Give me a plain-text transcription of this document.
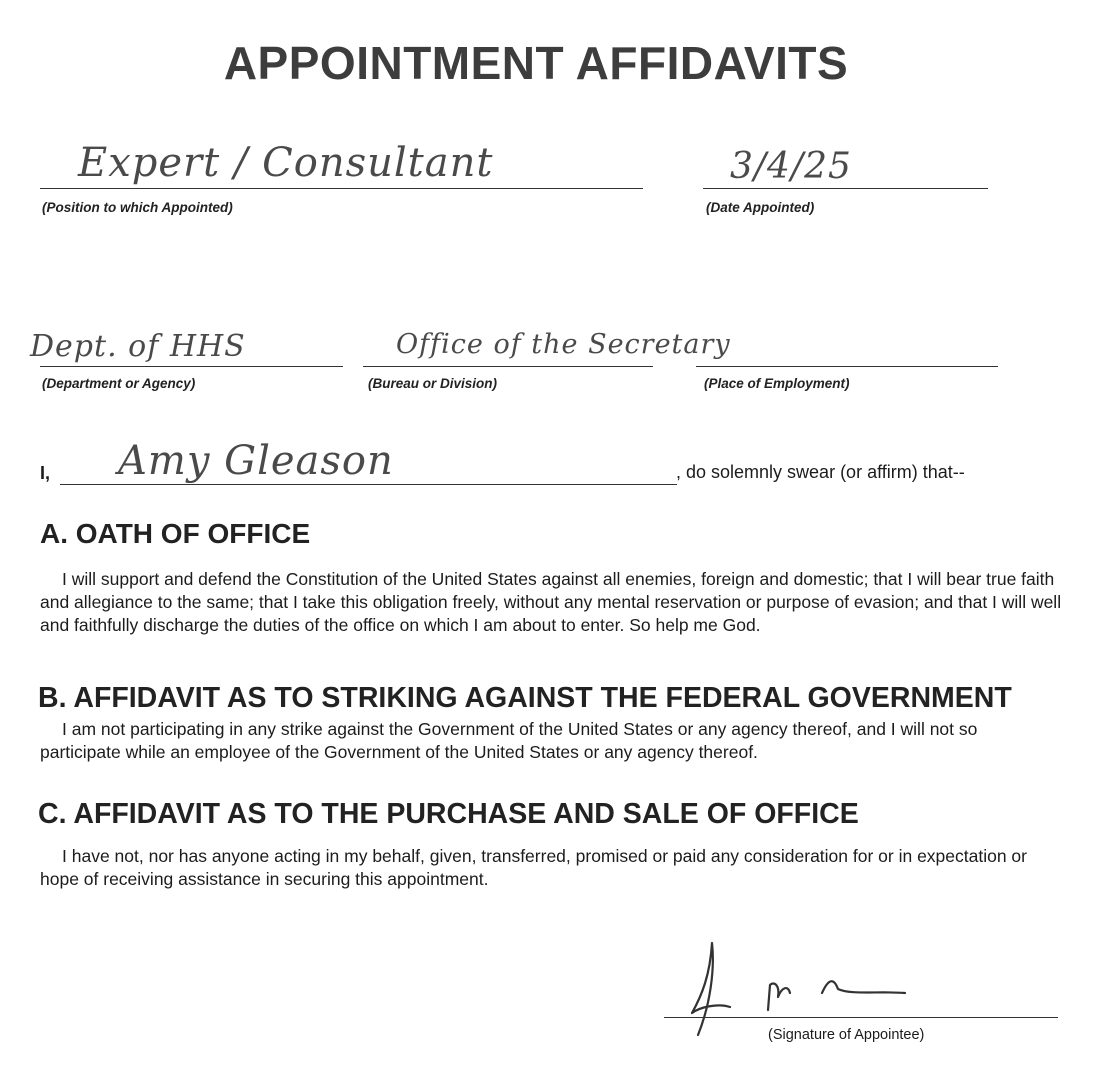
APPOINTMENT AFFIDAVITS
Expert / Consultant
(Position to which Appointed)
3/4/25
(Date Appointed)
Dept. of HHS
(Department or Agency)
Office of the Secretary
(Bureau or Division)	(Place of Employment)
I, Amy Gleason	, do solemnly swear (or affirm) that--
A. OATH OF OFFICE
I will support and defend the Constitution of the United States against all enemies, foreign and domestic; that I will bear true faith and allegiance to the same; that I take this obligation freely, without any mental reservation or purpose of evasion; and that I will well and faithfully discharge the duties of the office on which I am about to enter. So help me God.
B. AFFIDAVIT AS TO STRIKING AGAINST THE FEDERAL GOVERNMENT
I am not participating in any strike against the Government of the United States or any agency thereof, and I will not so participate while an employee of the Government of the United States or any agency thereof.
C. AFFIDAVIT AS TO THE PURCHASE AND SALE OF OFFICE
I have not, nor has anyone acting in my behalf, given, transferred, promised or paid any consideration for or in expectation or hope of receiving assistance in securing this appointment.
(Signature of Appointee)
